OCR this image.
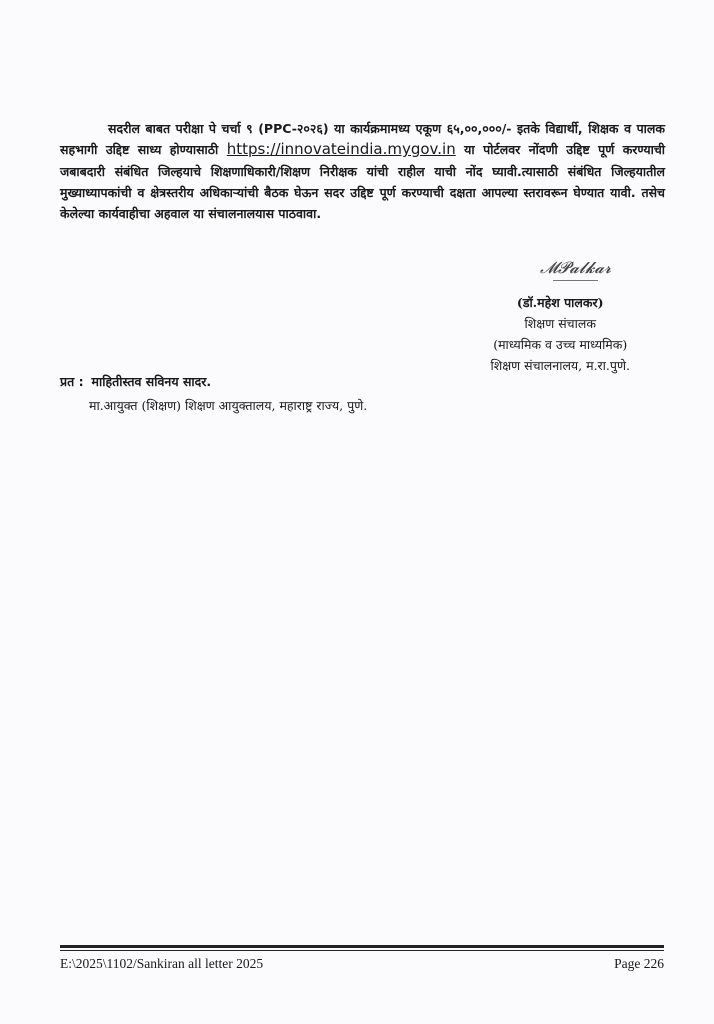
सदरील बाबत परीक्षा पे चर्चा ९ (PPC-२०२६) या कार्यक्रमामध्य एकूण ६५,००,०००/- इतके विद्यार्थी, शिक्षक व पालक सहभागी उद्दिष्ट साध्य होण्यासाठी https://innovateindia.mygov.in या पोर्टलवर नोंदणी उद्दिष्ट पूर्ण करण्याची जबाबदारी संबंधित जिल्हयाचे शिक्षणाधिकारी/शिक्षण निरीक्षक यांची राहील याची नोंद घ्यावी.त्यासाठी संबंधित जिल्हयातील मुख्याध्यापकांची व क्षेत्रस्तरीय अधिकाऱ्यांची बैठक घेऊन सदर उद्दिष्ट पूर्ण करण्याची दक्षता आपल्या स्तरावरून घेण्यात यावी. तसेच केलेल्या कार्यवाहीचा अहवाल या संचालनालयास पाठवावा.
𝓜𝓟𝓪𝓵𝓴𝓪𝓻
(डॉ.महेश पालकर)
शिक्षण संचालक
(माध्यमिक व उच्च माध्यमिक)
शिक्षण संचालनालय, म.रा.पुणे.
प्रत : माहितीस्तव सविनय सादर.
मा.आयुक्त (शिक्षण) शिक्षण आयुक्तालय, महाराष्ट्र राज्य, पुणे.
E:\2025\1102/Sankiran all letter 2025	Page 226
